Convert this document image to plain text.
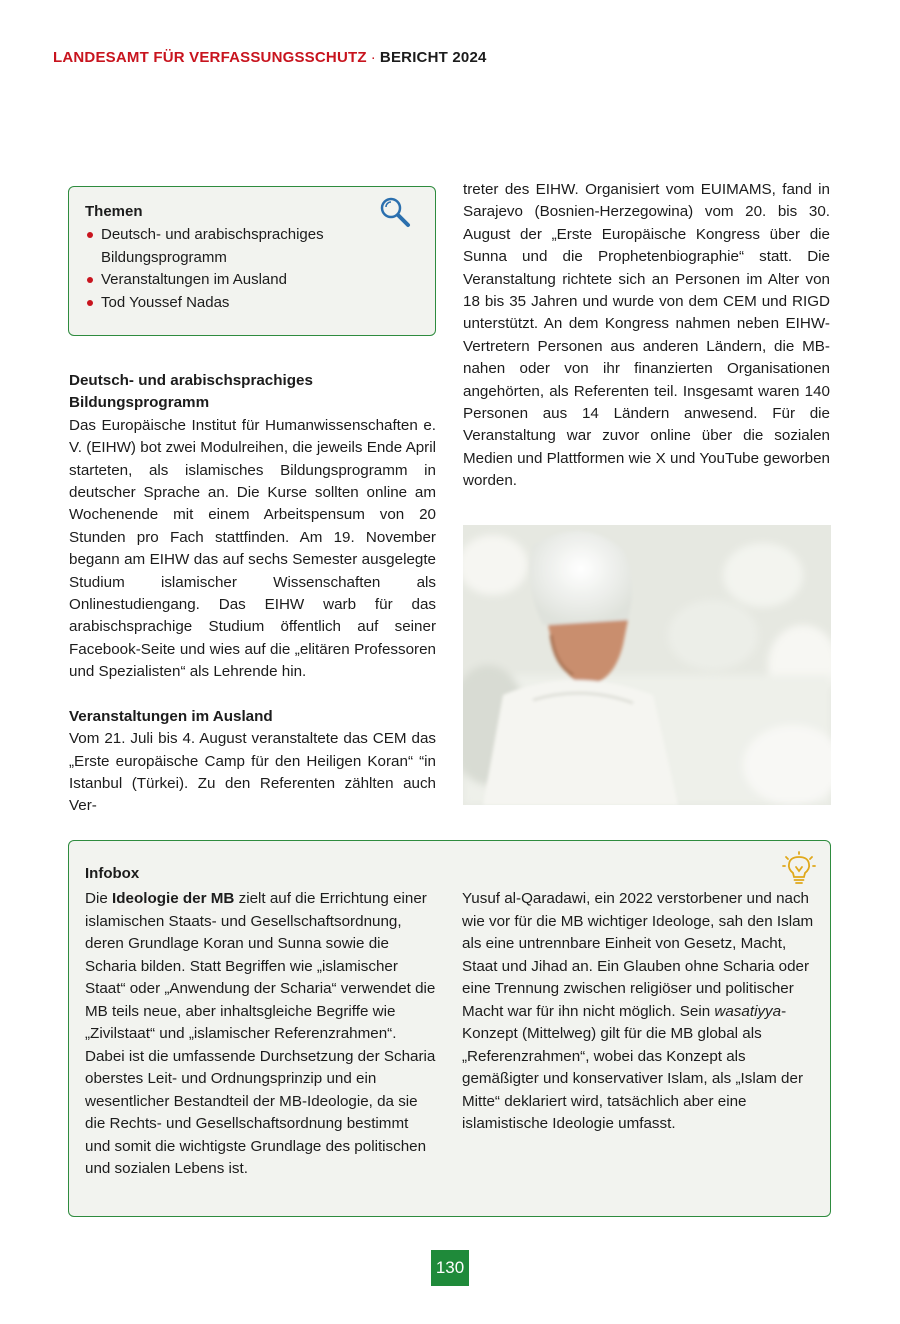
LANDESAMT FÜR VERFASSUNGSSCHUTZ · BERICHT 2024
Themen
Deutsch- und arabischsprachiges Bildungsprogramm
Veranstaltungen im Ausland
Tod Youssef Nadas
Deutsch- und arabischsprachiges Bildungsprogramm

Das Europäische Institut für Humanwissenschaften e. V. (EIHW) bot zwei Modulreihen, die jeweils Ende April starteten, als islamisches Bildungsprogramm in deutscher Sprache an. Die Kurse sollten online am Wochenende mit einem Arbeitspensum von 20 Stunden pro Fach stattfinden. Am 19. November begann am EIHW das auf sechs Semester ausgelegte Studium islamischer Wissenschaften als Onlinestudiengang. Das EIHW warb für das arabischsprachige Studium öffentlich auf seiner Facebook-Seite und wies auf die „elitären Professoren und Spezialisten“ als Lehrende hin.

Veranstaltungen im Ausland

Vom 21. Juli bis 4. August veranstaltete das CEM das „Erste europäische Camp für den Heiligen Koran“ “in Istanbul (Türkei). Zu den Referenten zählten auch Ver-

treter des EIHW. Organisiert vom EUIMAMS, fand in Sarajevo (Bosnien-Herzegowina) vom 20. bis 30. August der „Erste Europäische Kongress über die Sunna und die Prophetenbiographie“ statt. Die Veranstaltung richtete sich an Personen im Alter von 18 bis 35 Jahren und wurde von dem CEM und RIGD unterstützt. An dem Kongress nahmen neben EIHW-Vertretern Personen aus anderen Ländern, die MB-nahen oder von ihr finanzierten Organisationen angehörten, als Referenten teil. Insgesamt waren 140 Personen aus 14 Ländern anwesend. Für die Veranstaltung war zuvor online über die sozialen Medien und Plattformen wie X und YouTube geworben worden.

Infobox

Die Ideologie der MB zielt auf die Errichtung einer islamischen Staats- und Gesellschaftsordnung, deren Grundlage Koran und Sunna sowie die Scharia bilden. Statt Begriffen wie „islamischer Staat“ oder „Anwendung der Scharia“ verwendet die MB teils neue, aber inhaltsgleiche Begriffe wie „Zivilstaat“ und „islamischer Referenzrahmen“. Dabei ist die umfassende Durchsetzung der Scharia oberstes Leit- und Ordnungsprinzip und ein wesentlicher Bestandteil der MB-Ideologie, da sie die Rechts- und Gesellschaftsordnung bestimmt und somit die wichtigste Grundlage des politischen und sozialen Lebens ist.

Yusuf al-Qaradawi, ein 2022 verstorbener und nach wie vor für die MB wichtiger Ideologe, sah den Islam als eine untrennbare Einheit von Gesetz, Macht, Staat und Jihad an. Ein Glauben ohne Scharia oder eine Trennung zwischen religiöser und politischer Macht war für ihn nicht möglich. Sein wasatiyya-Konzept (Mittelweg) gilt für die MB global als „Referenzrahmen“, wobei das Konzept als gemäßigter und konservativer Islam, als „Islam der Mitte“ deklariert wird, tatsächlich aber eine islamistische Ideologie umfasst.

130
